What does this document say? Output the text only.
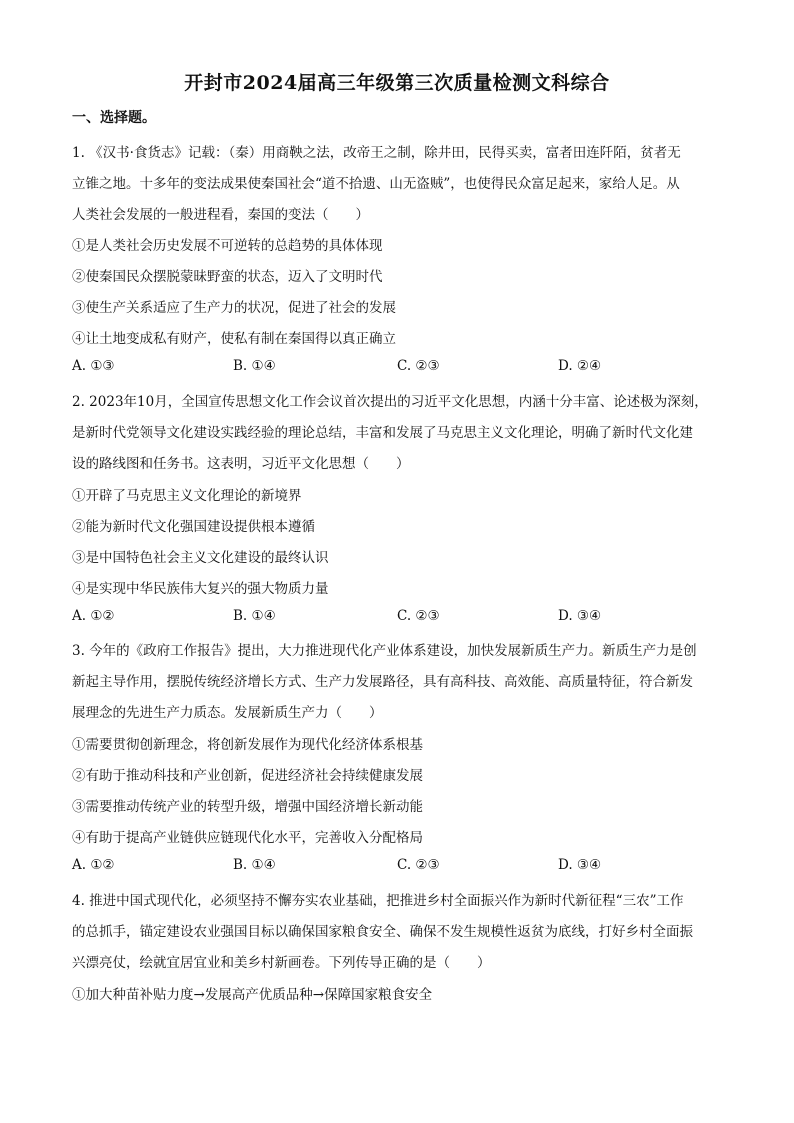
开封市2024届高三年级第三次质量检测文科综合
一、选择题。
1. 《汉书·食货志》记载：（秦）用商鞅之法，改帝王之制，除井田，民得买卖，富者田连阡陌，贫者无
立锥之地。十多年的变法成果使秦国社会“道不拾遗、山无盗贼”，也使得民众富足起来，家给人足。从
人类社会发展的一般进程看，秦国的变法（　　）
①是人类社会历史发展不可逆转的总趋势的具体体现
②使秦国民众摆脱蒙昧野蛮的状态，迈入了文明时代
③使生产关系适应了生产力的状况，促进了社会的发展
④让土地变成私有财产，使私有制在秦国得以真正确立
A. ①③	B. ①④	C. ②③	D. ②④
2. 2023年10月，全国宣传思想文化工作会议首次提出的习近平文化思想，内涵十分丰富、论述极为深刻，
是新时代党领导文化建设实践经验的理论总结，丰富和发展了马克思主义文化理论，明确了新时代文化建
设的路线图和任务书。这表明，习近平文化思想（　　）
①开辟了马克思主义文化理论的新境界
②能为新时代文化强国建设提供根本遵循
③是中国特色社会主义文化建设的最终认识
④是实现中华民族伟大复兴的强大物质力量
A. ①②	B. ①④	C. ②③	D. ③④
3. 今年的《政府工作报告》提出，大力推进现代化产业体系建设，加快发展新质生产力。新质生产力是创
新起主导作用，摆脱传统经济增长方式、生产力发展路径，具有高科技、高效能、高质量特征，符合新发
展理念的先进生产力质态。发展新质生产力（　　）
①需要贯彻创新理念，将创新发展作为现代化经济体系根基
②有助于推动科技和产业创新，促进经济社会持续健康发展
③需要推动传统产业的转型升级，增强中国经济增长新动能
④有助于提高产业链供应链现代化水平，完善收入分配格局
A. ①②	B. ①④	C. ②③	D. ③④
4. 推进中国式现代化，必须坚持不懈夯实农业基础，把推进乡村全面振兴作为新时代新征程“三农”工作
的总抓手，锚定建设农业强国目标以确保国家粮食安全、确保不发生规模性返贫为底线，打好乡村全面振
兴漂亮仗，绘就宜居宜业和美乡村新画卷。下列传导正确的是（　　）
①加大种苗补贴力度→发展高产优质品种→保障国家粮食安全
